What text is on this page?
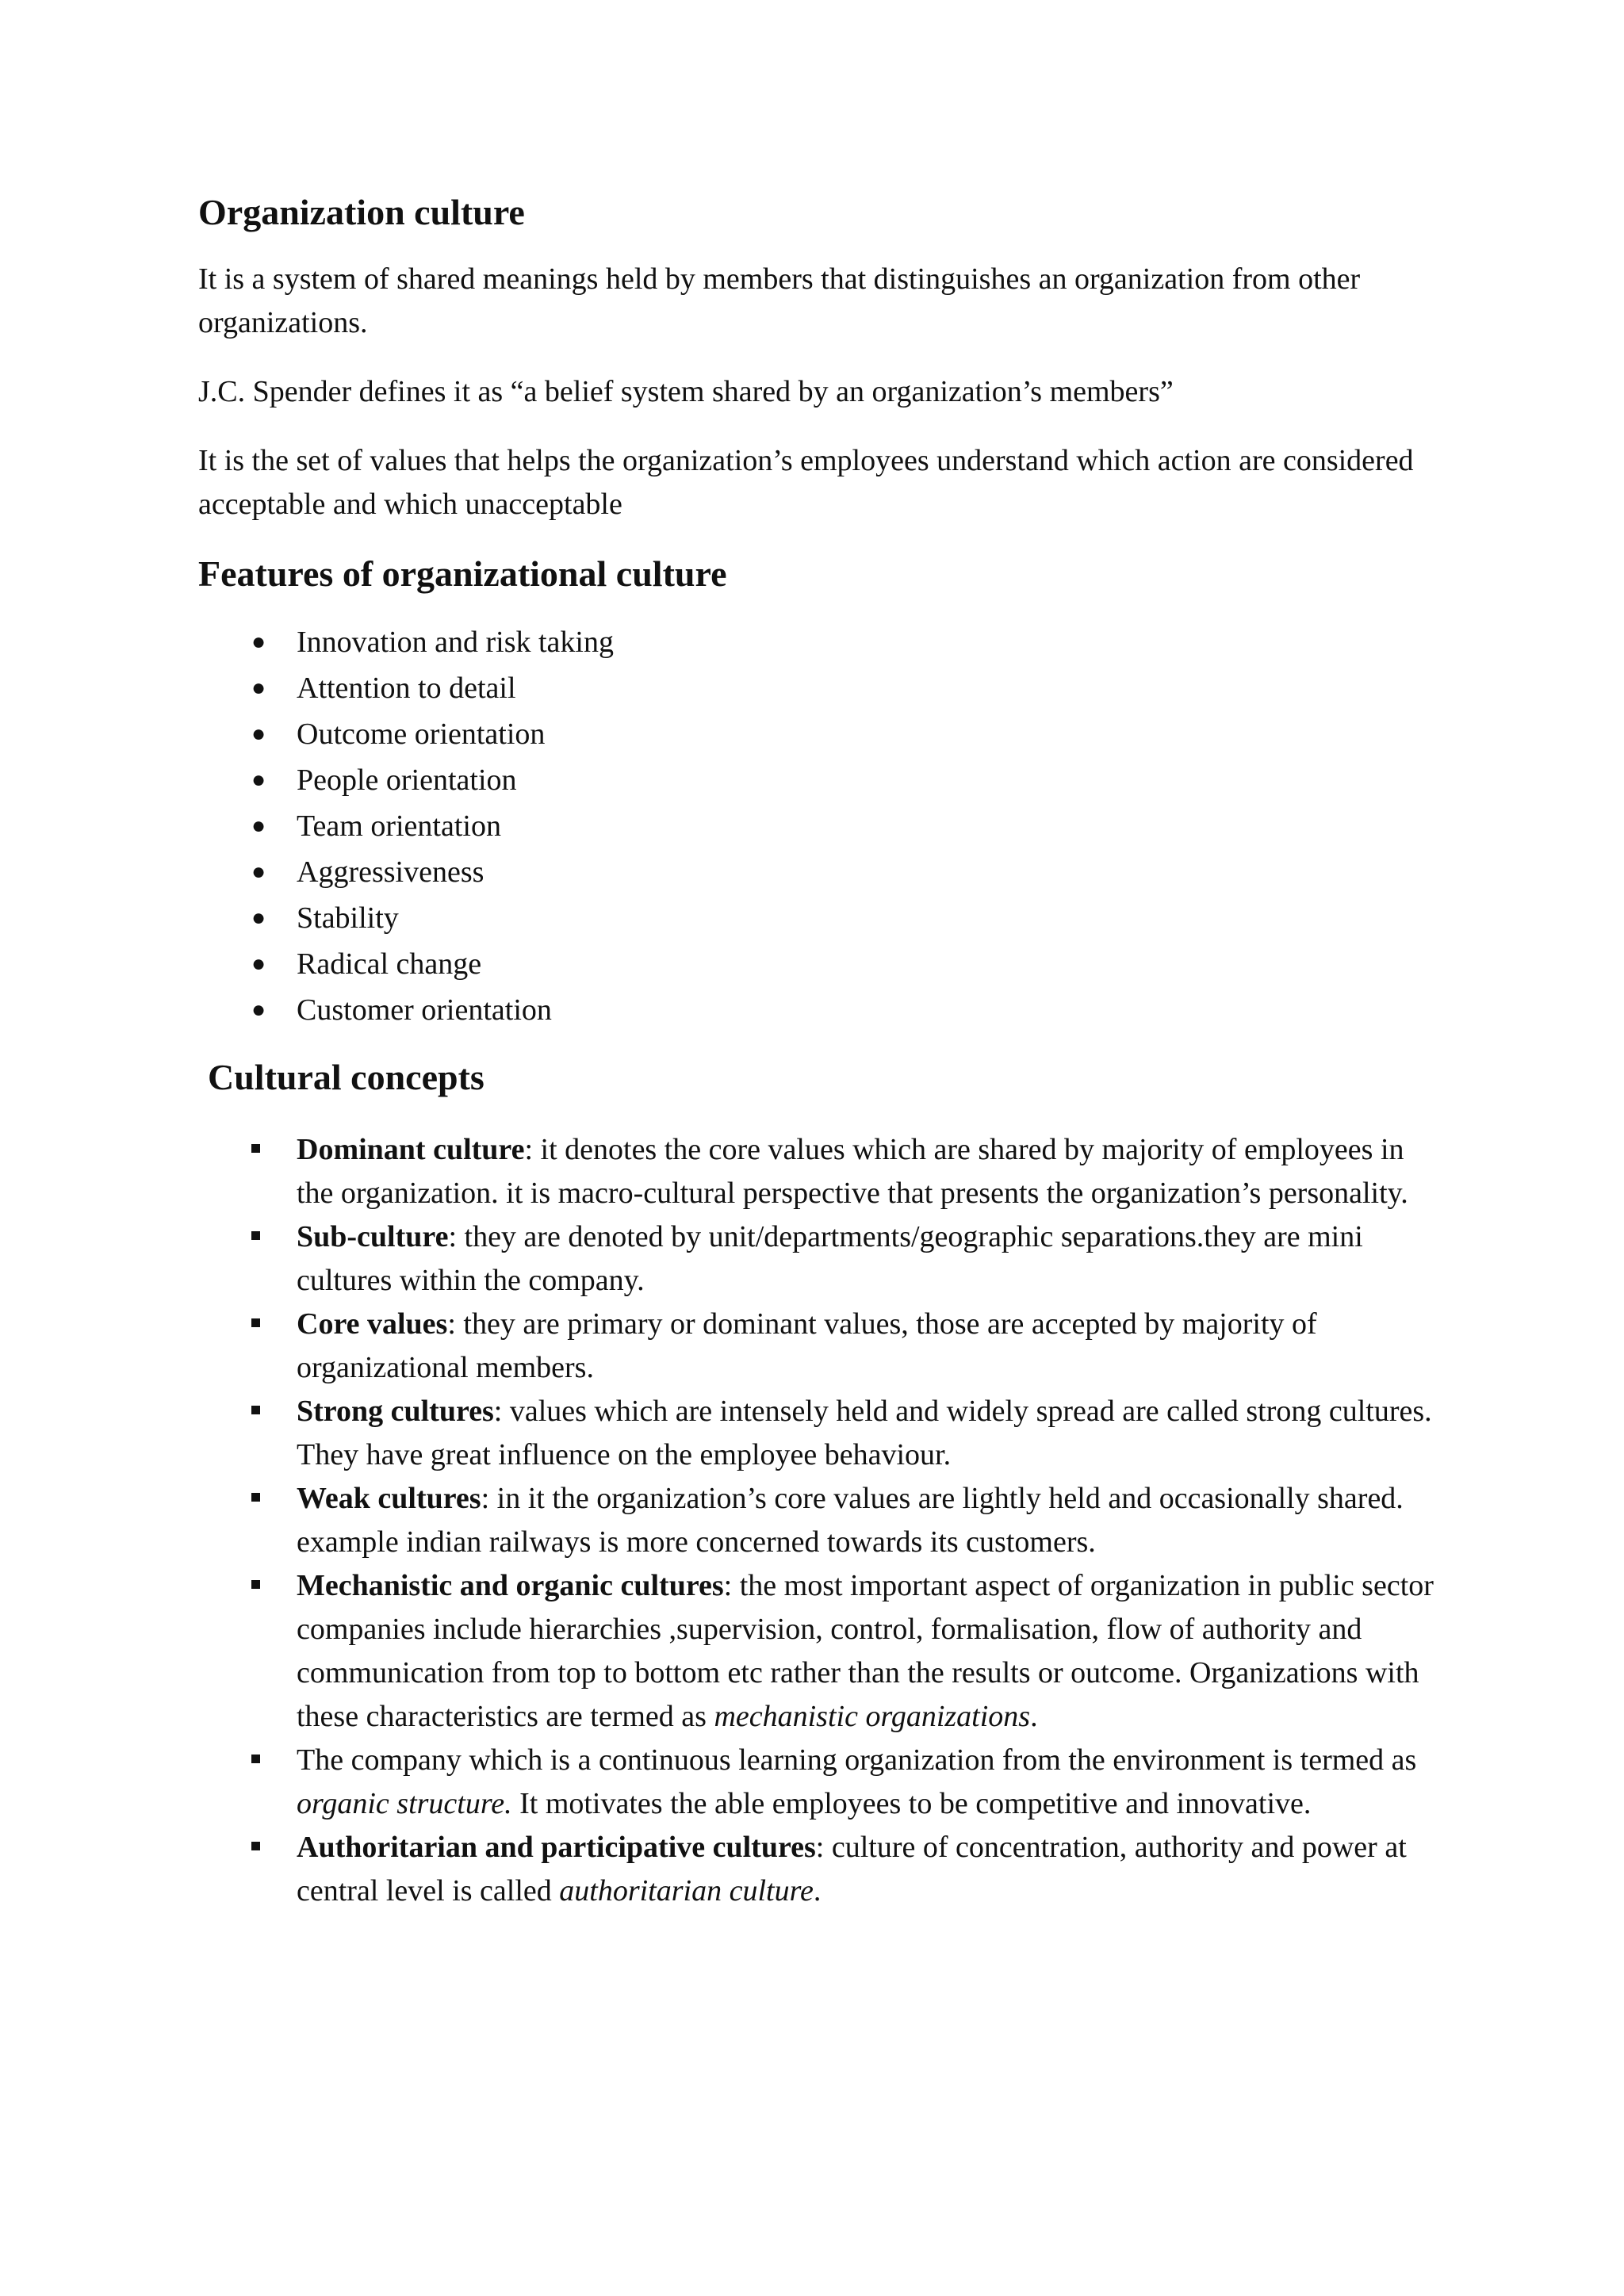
Organization culture

It is a system of shared meanings held by members that distinguishes an organization from other organizations.

J.C. Spender defines it as “a belief system shared by an organization’s members”

It is the set of values that helps the organization’s employees understand which action are considered acceptable and which unacceptable

Features of organizational culture
● Innovation and risk taking
● Attention to detail
● Outcome orientation
● People orientation
● Team orientation
● Aggressiveness
● Stability
● Radical change
● Customer orientation
Cultural concepts
Dominant culture: it denotes the core values which are shared by majority of employees in the organization. it is macro-cultural perspective that presents the organization’s personality.
Sub-culture: they are denoted by unit/departments/geographic separations.they are mini cultures within the company.
Core values: they are primary or dominant values, those are accepted by majority of organizational members.
Strong cultures: values which are intensely held and widely spread are called strong cultures. They have great influence on the employee behaviour.
Weak cultures: in it the organization’s core values are lightly held and occasionally shared. example indian railways is more concerned towards its customers.
Mechanistic and organic cultures: the most important aspect of organization in public sector companies include hierarchies ,supervision, control, formalisation, flow of authority and communication from top to bottom etc rather than the results or outcome. Organizations with these characteristics are termed as mechanistic organizations.
The company which is a continuous learning organization from the environment is termed as organic structure. It motivates the able employees to be competitive and innovative.
Authoritarian and participative cultures: culture of concentration, authority and power at central level is called authoritarian culture.
